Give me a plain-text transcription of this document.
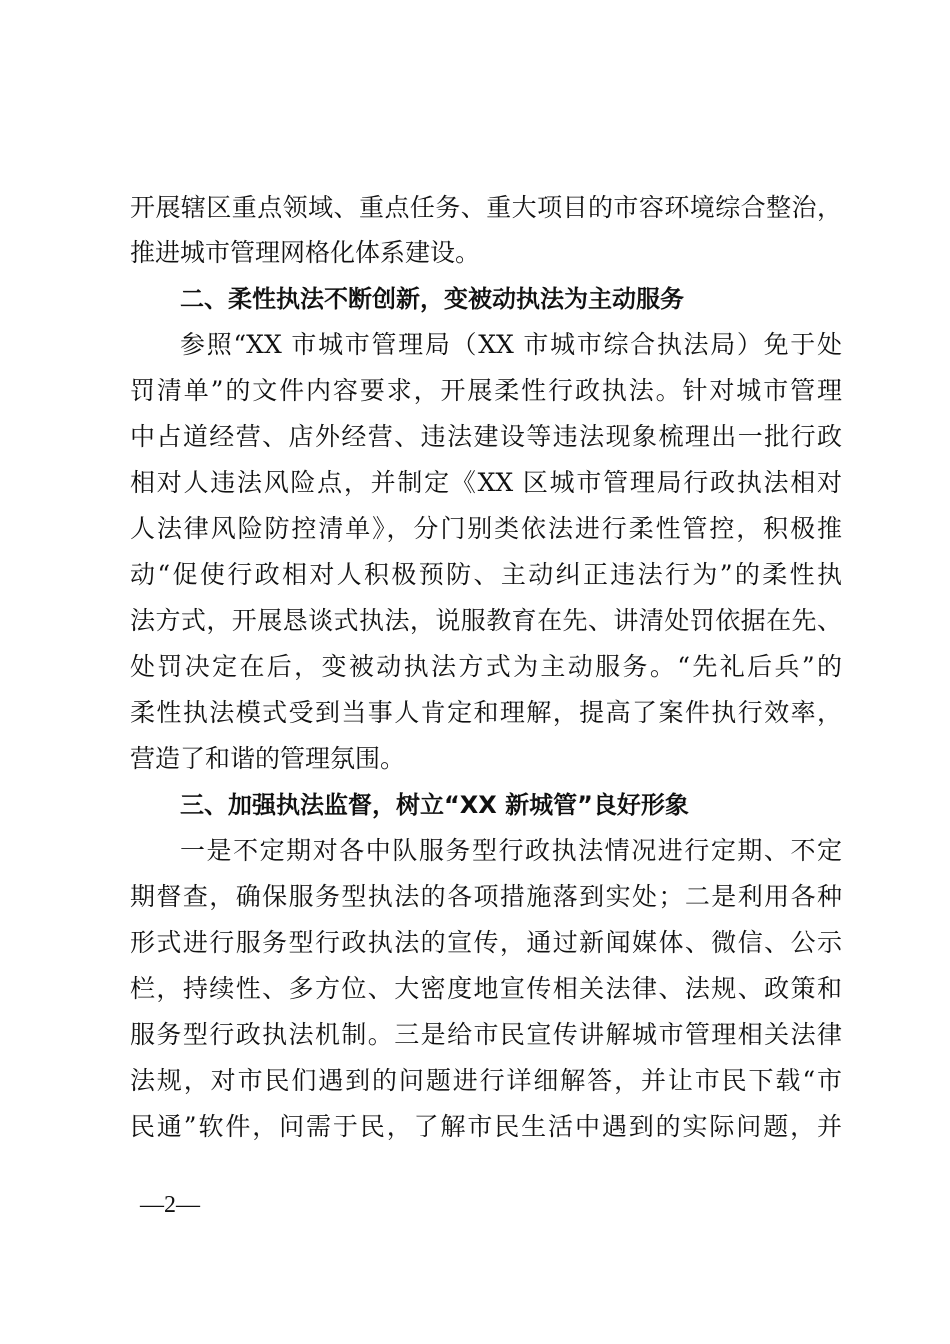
开展辖区重点领域、重点任务、重大项目的市容环境综合整治，
推进城市管理网格化体系建设。
二、柔性执法不断创新，变被动执法为主动服务
参照“XX 市城市管理局（XX 市城市综合执法局）免于处
罚清单”的文件内容要求，开展柔性行政执法。针对城市管理
中占道经营、店外经营、违法建设等违法现象梳理出一批行政
相对人违法风险点，并制定《XX 区城市管理局行政执法相对
人法律风险防控清单》，分门别类依法进行柔性管控，积极推
动“促使行政相对人积极预防、主动纠正违法行为”的柔性执
法方式，开展恳谈式执法，说服教育在先、讲清处罚依据在先、
处罚决定在后，变被动执法方式为主动服务。“先礼后兵”的
柔性执法模式受到当事人肯定和理解，提高了案件执行效率，
营造了和谐的管理氛围。
三、加强执法监督，树立“XX 新城管”良好形象
一是不定期对各中队服务型行政执法情况进行定期、不定
期督查，确保服务型执法的各项措施落到实处；二是利用各种
形式进行服务型行政执法的宣传，通过新闻媒体、微信、公示
栏，持续性、多方位、大密度地宣传相关法律、法规、政策和
服务型行政执法机制。三是给市民宣传讲解城市管理相关法律
法规，对市民们遇到的问题进行详细解答，并让市民下载“市
民通”软件，问需于民，了解市民生活中遇到的实际问题，并
—2—
